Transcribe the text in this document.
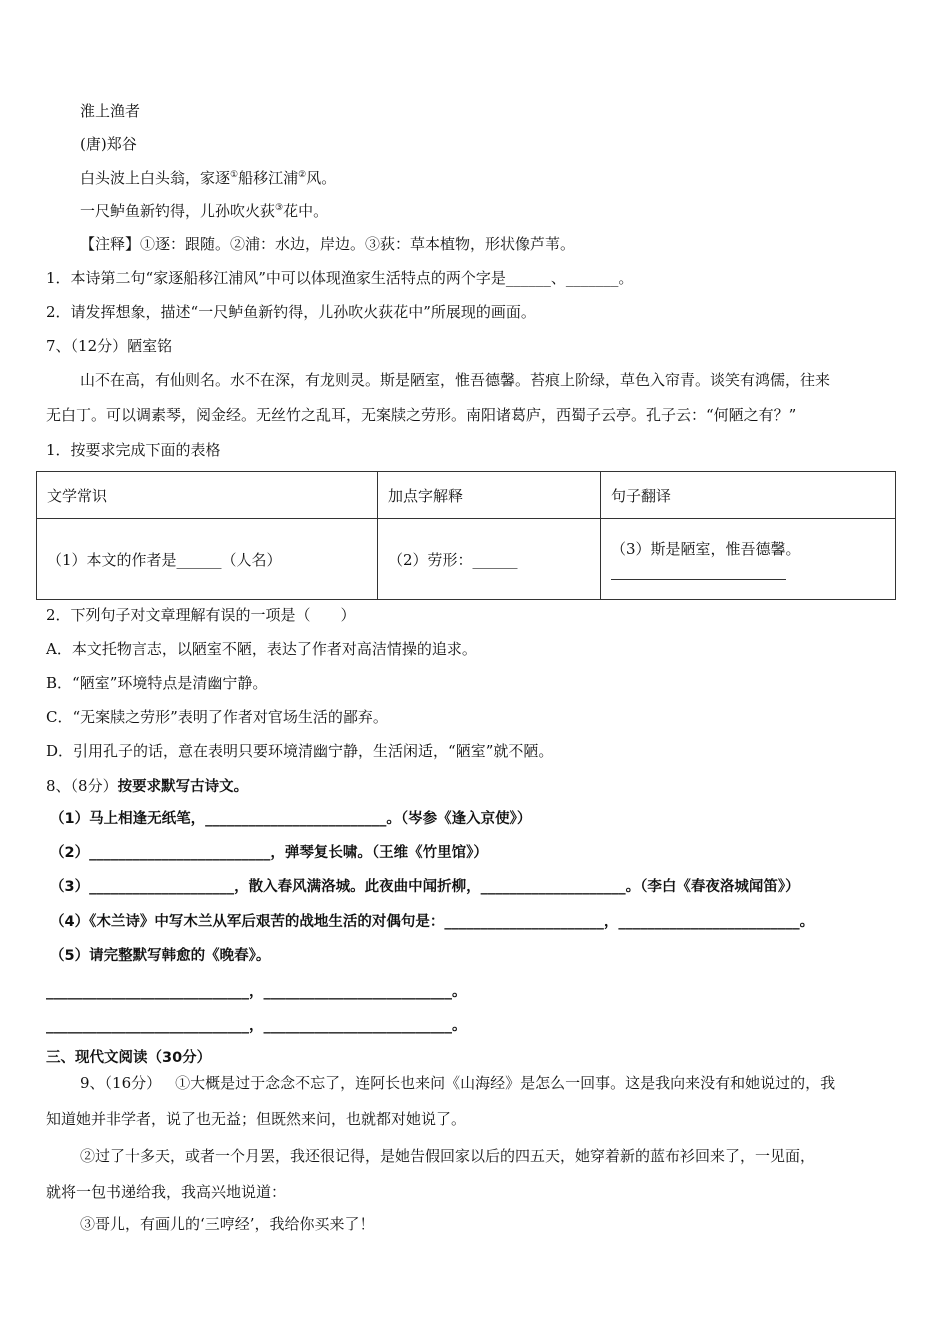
淮上渔者
(唐)郑谷
白头波上白头翁，家逐①船移江浦②风。
一尺鲈鱼新钓得，儿孙吹火荻③花中。
【注释】①逐：跟随。②浦：水边，岸边。③荻：草本植物，形状像芦苇。
1．本诗第二句“家逐船移江浦风”中可以体现渔家生活特点的两个字是______、_______。
2．请发挥想象，描述“一尺鲈鱼新钓得，儿孙吹火荻花中”所展现的画面。
7、（12分）陋室铭
山不在高，有仙则名。水不在深，有龙则灵。斯是陋室，惟吾德馨。苔痕上阶绿，草色入帘青。谈笑有鸿儒，往来
无白丁。可以调素琴，阅金经。无丝竹之乱耳，无案牍之劳形。南阳诸葛庐，西蜀子云亭。孔子云：“何陋之有？”
1．按要求完成下面的表格
文学常识	加点字解释	句子翻译
（1）本文的作者是______（人名）	（2）劳形：______	（3）斯是陋室，惟吾德馨。
2．下列句子对文章理解有误的一项是（　　）
A．本文托物言志，以陋室不陋，表达了作者对高洁情操的追求。
B．“陋室”环境特点是清幽宁静。
C．“无案牍之劳形”表明了作者对官场生活的鄙弃。
D．引用孔子的话，意在表明只要环境清幽宁静，生活闲适，“陋室”就不陋。
8、（8分）按要求默写古诗文。
（1）马上相逢无纸笔，_________________________。（岑参《逢入京使》）
（2）_________________________，弹琴复长啸。（王维《竹里馆》）
（3）____________________，散入春风满洛城。此夜曲中闻折柳，____________________。（李白《春夜洛城闻笛》）
（4）《木兰诗》中写木兰从军后艰苦的战地生活的对偶句是：______________________，_________________________。
（5）请完整默写韩愈的《晚春》。
____________________________，__________________________。
____________________________，__________________________。
三、现代文阅读（30分）
9、（16分） ①大概是过于念念不忘了，连阿长也来问《山海经》是怎么一回事。这是我向来没有和她说过的，我
知道她并非学者，说了也无益；但既然来问，也就都对她说了。
②过了十多天，或者一个月罢，我还很记得，是她告假回家以后的四五天，她穿着新的蓝布衫回来了，一见面，
就将一包书递给我，我高兴地说道：
③哥儿，有画儿的‘三哼经’，我给你买来了！
